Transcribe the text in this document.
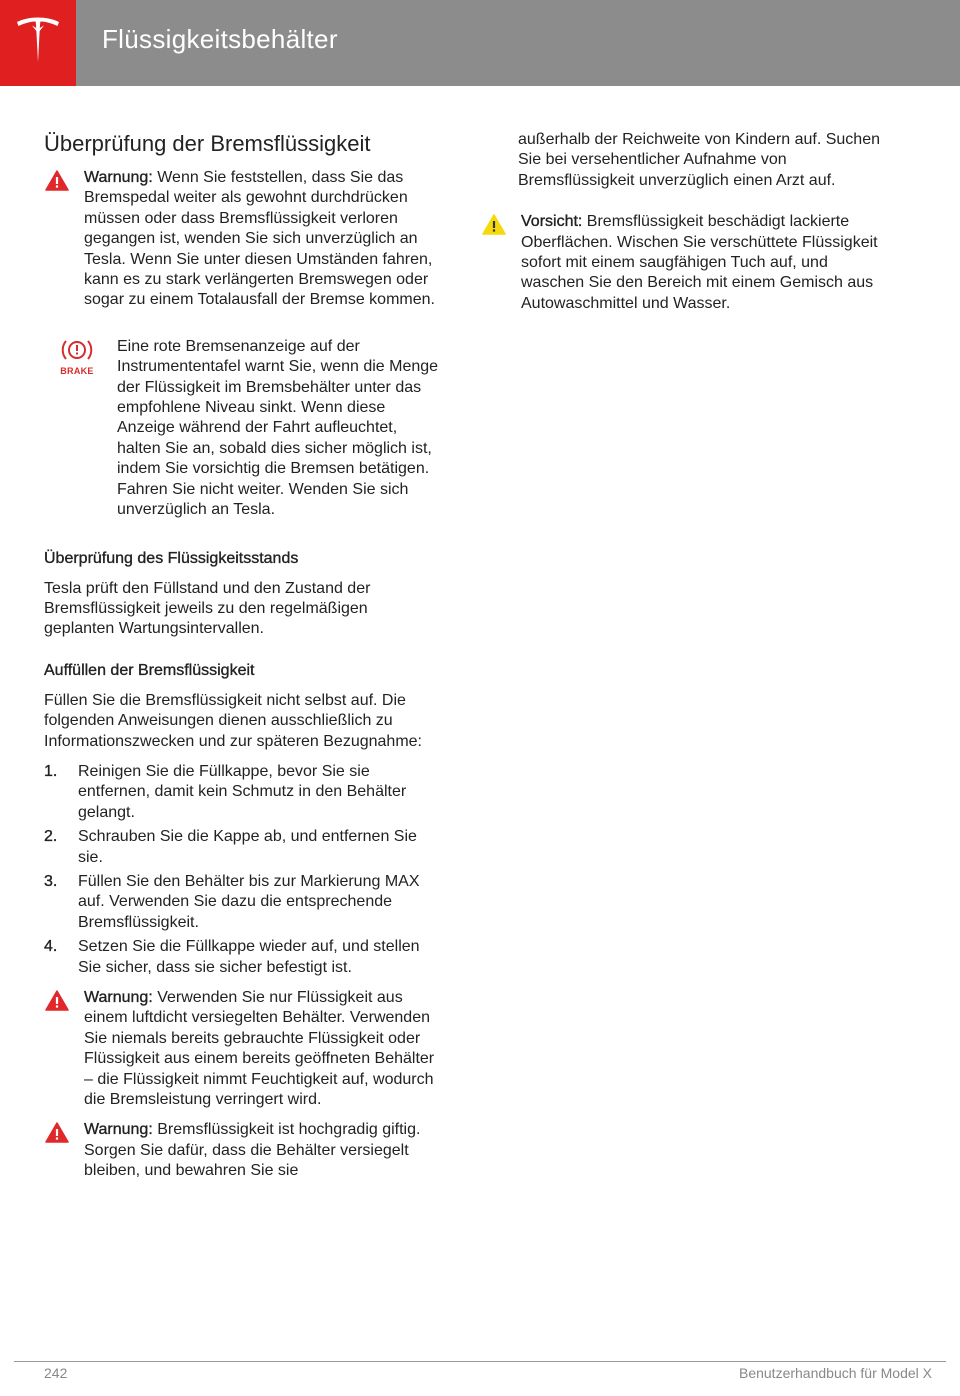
Flüssigkeitsbehälter
Überprüfung der Bremsflüssigkeit
Warnung: Wenn Sie feststellen, dass Sie das Bremspedal weiter als gewohnt durchdrücken müssen oder dass Bremsflüssigkeit verloren gegangen ist, wenden Sie sich unverzüglich an Tesla. Wenn Sie unter diesen Umständen fahren, kann es zu stark verlängerten Bremswegen oder sogar zu einem Totalausfall der Bremse kommen.
BRAKE
Eine rote Bremsenanzeige auf der Instrumententafel warnt Sie, wenn die Menge der Flüssigkeit im Bremsbehälter unter das empfohlene Niveau sinkt. Wenn diese Anzeige während der Fahrt aufleuchtet, halten Sie an, sobald dies sicher möglich ist, indem Sie vorsichtig die Bremsen betätigen. Fahren Sie nicht weiter. Wenden Sie sich unverzüglich an Tesla.
Überprüfung des Flüssigkeitsstands

Tesla prüft den Füllstand und den Zustand der Bremsflüssigkeit jeweils zu den regelmäßigen geplanten Wartungsintervallen.

Auffüllen der Bremsflüssigkeit

Füllen Sie die Bremsflüssigkeit nicht selbst auf. Die folgenden Anweisungen dienen ausschließlich zu Informationszwecken und zur späteren Bezugnahme:

1. Reinigen Sie die Füllkappe, bevor Sie sie entfernen, damit kein Schmutz in den Behälter gelangt.
2. Schrauben Sie die Kappe ab, und entfernen Sie sie.
3. Füllen Sie den Behälter bis zur Markierung MAX auf. Verwenden Sie dazu die entsprechende Bremsflüssigkeit.
4. Setzen Sie die Füllkappe wieder auf, und stellen Sie sicher, dass sie sicher befestigt ist.
Warnung: Verwenden Sie nur Flüssigkeit aus einem luftdicht versiegelten Behälter. Verwenden Sie niemals bereits gebrauchte Flüssigkeit oder Flüssigkeit aus einem bereits geöffneten Behälter – die Flüssigkeit nimmt Feuchtigkeit auf, wodurch die Bremsleistung verringert wird.
Warnung: Bremsflüssigkeit ist hochgradig giftig. Sorgen Sie dafür, dass die Behälter versiegelt bleiben, und bewahren Sie sie
außerhalb der Reichweite von Kindern auf. Suchen Sie bei versehentlicher Aufnahme von Bremsflüssigkeit unverzüglich einen Arzt auf.
Vorsicht: Bremsflüssigkeit beschädigt lackierte Oberflächen. Wischen Sie verschüttete Flüssigkeit sofort mit einem saugfähigen Tuch auf, und waschen Sie den Bereich mit einem Gemisch aus Autowaschmittel und Wasser.
242	Benutzerhandbuch für Model X
